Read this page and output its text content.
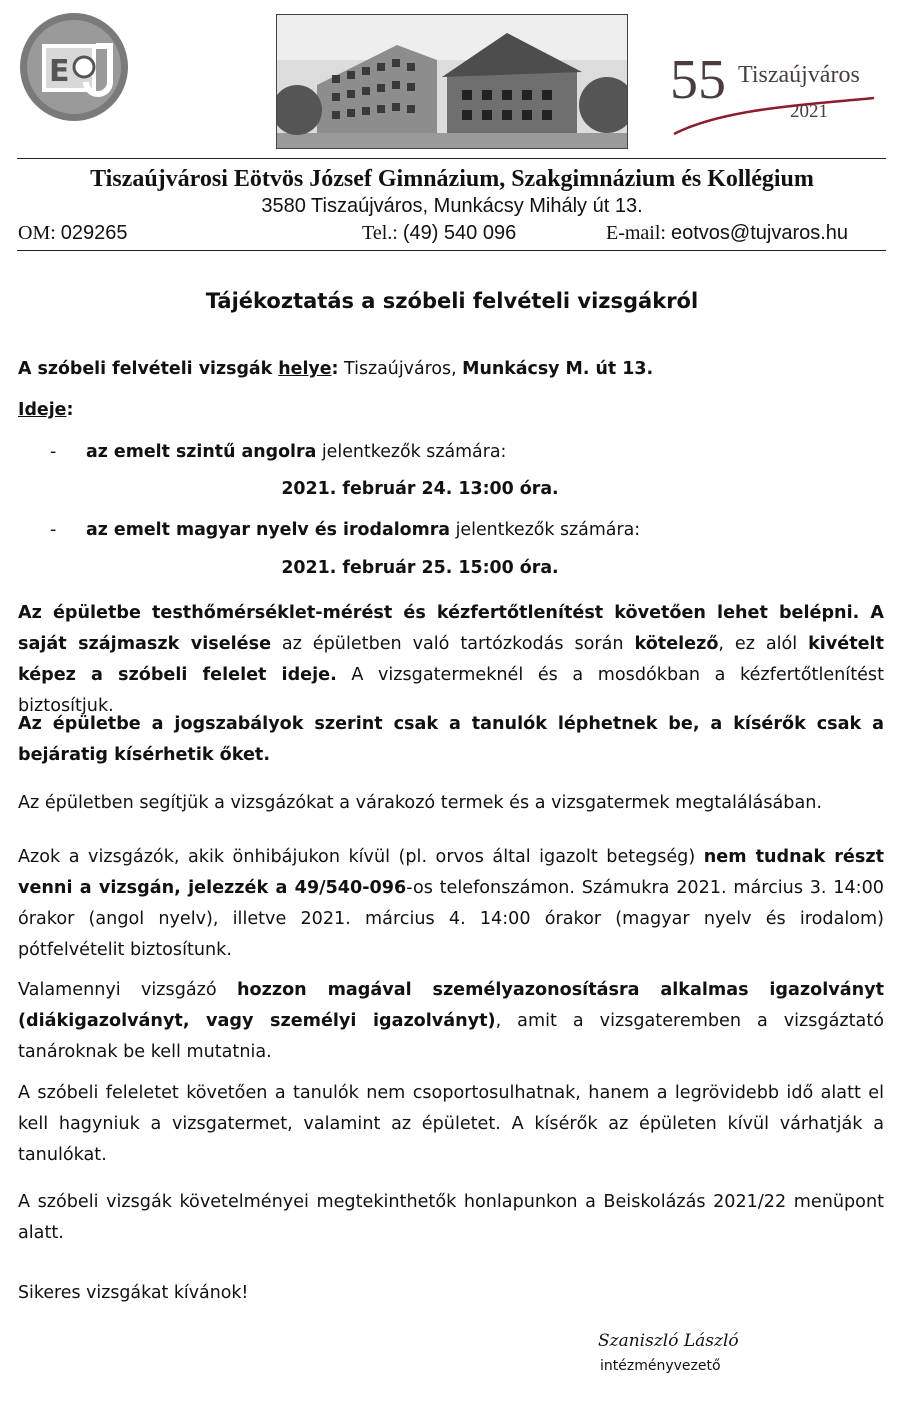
E	55 Tiszaújváros
2021
Tiszaújvárosi Eötvös József Gimnázium, Szakgimnázium és Kollégium
3580 Tiszaújváros, Munkácsy Mihály út 13.
OM: 029265	Tel.: (49) 540 096	E-mail: eotvos@tujvaros.hu
Tájékoztatás a szóbeli felvételi vizsgákról
A szóbeli felvételi vizsgák helye: Tiszaújváros, Munkácsy M. út 13.
Ideje:
- az emelt szintű angolra jelentkezők számára:
2021. február 24. 13:00 óra.
- az emelt magyar nyelv és irodalomra jelentkezők számára:
2021. február 25. 15:00 óra.
Az épületbe testhőmérséklet-mérést és kézfertőtlenítést követően lehet belépni. A saját szájmaszk viselése az épületben való tartózkodás során kötelező, ez alól kivételt képez a szóbeli felelet ideje. A vizsgatermeknél és a mosdókban a kézfertőtlenítést biztosítjuk.
Az épületbe a jogszabályok szerint csak a tanulók léphetnek be, a kísérők csak a bejáratig kísérhetik őket.
Az épületben segítjük a vizsgázókat a várakozó termek és a vizsgatermek megtalálásában.
Azok a vizsgázók, akik önhibájukon kívül (pl. orvos által igazolt betegség) nem tudnak részt venni a vizsgán, jelezzék a 49/540-096-os telefonszámon. Számukra 2021. március 3. 14:00 órakor (angol nyelv), illetve 2021. március 4. 14:00 órakor (magyar nyelv és irodalom) pótfelvételit biztosítunk.
Valamennyi vizsgázó hozzon magával személyazonosításra alkalmas igazolványt (diákigazolványt, vagy személyi igazolványt), amit a vizsgateremben a vizsgáztató tanároknak be kell mutatnia.
A szóbeli feleletet követően a tanulók nem csoportosulhatnak, hanem a legrövidebb idő alatt el kell hagyniuk a vizsgatermet, valamint az épületet. A kísérők az épületen kívül várhatják a tanulókat.
A szóbeli vizsgák követelményei megtekinthetők honlapunkon a Beiskolázás 2021/22 menüpont alatt.
Sikeres vizsgákat kívánok!
Szaniszló László
intézményvezető
